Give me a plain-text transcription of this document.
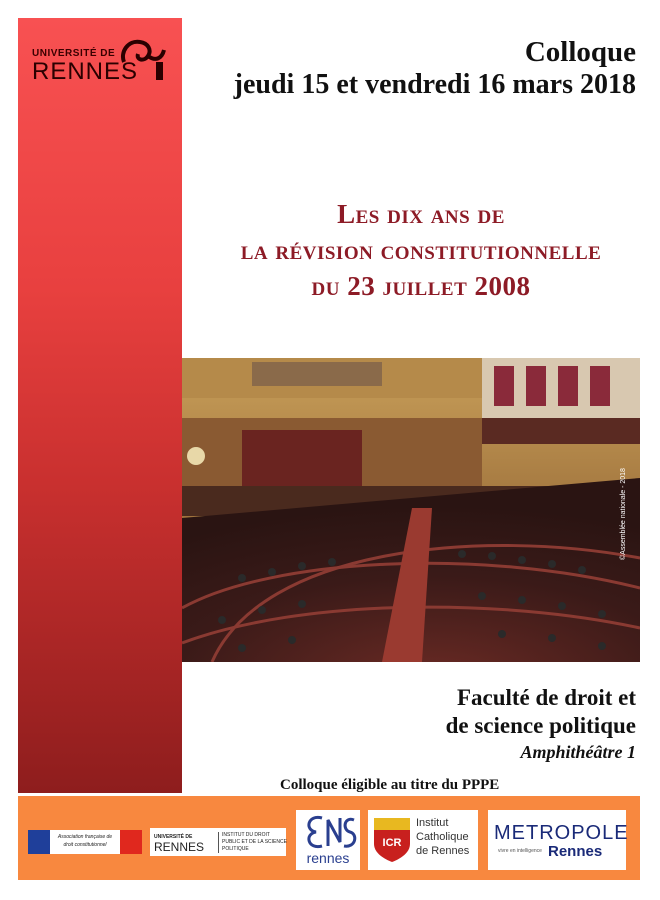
UNIVERSITÉ DE
RENNES
Colloque
jeudi 15 et vendredi 16 mars 2018
Les dix ans de
la révision constitutionnelle
du 23 juillet 2008
©Assemblée nationale - 2018
Faculté de droit et
de science politique
Amphithéâtre 1
Colloque éligible au titre du PPPE
Association française de droit constitutionnel
UNIVERSITÉ DE
RENNES
INSTITUT DU DROIT PUBLIC ET DE LA SCIENCE POLITIQUE
rennes
ICR
Institut
Catholique
de Rennes
METROPOLE
vivre en intelligence Rennes
